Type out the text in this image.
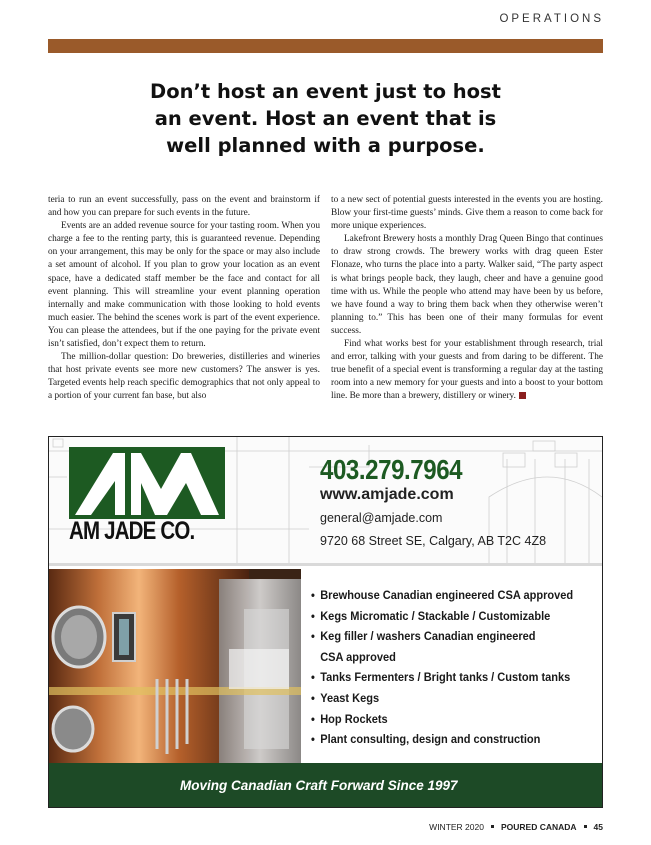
OPERATIONS
Don’t host an event just to host
an event. Host an event that is
well planned with a purpose.

teria to run an event successfully, pass on the event and brainstorm if and how you can prepare for such events in the future.

Events are an added revenue source for your tasting room. When you charge a fee to the renting party, this is guaranteed revenue. Depending on your arrangement, this may be only for the space or may also include a set amount of alcohol. If you plan to grow your location as an event space, have a dedicated staff member be the face and contact for all event planning. This will streamline your event planning operation internally and make communication with those looking to hold events much easier. The behind the scenes work is part of the event experience. You can please the attendees, but if the one paying for the private event isn’t satisfied, don’t expect them to return.

The million-dollar question: Do breweries, distilleries and wineries that host private events see more new customers? The answer is yes. Targeted events help reach specific demographics that not only appeal to a portion of your current fan base, but also

to a new sect of potential guests interested in the events you are hosting. Blow your first-time guests’ minds. Give them a reason to come back for more unique experiences.

Lakefront Brewery hosts a monthly Drag Queen Bingo that continues to draw strong crowds. The brewery works with drag queen Ester Flonaze, who turns the place into a party. Walker said, “The party aspect is what brings people back, they laugh, cheer and have a genuine good time with us. While the people who attend may have been by us before, we have found a way to bring them back when they otherwise weren’t planning to.” This has been one of their many formulas for event success.

Find what works best for your establishment through research, trial and error, talking with your guests and from daring to be different. The true benefit of a special event is transforming a regular day at the tasting room into a new memory for your guests and into a boost to your bottom line. Be more than a brewery, distillery or winery.

AM JADE CO.
403.279.7964
www.amjade.com
general@amjade.com
9720 68 Street SE, Calgary, AB T2C 4Z8
• Brewhouse Canadian engineered CSA approved
• Kegs Micromatic / Stackable / Customizable
• Keg filler / washers Canadian engineered
CSA approved
• Tanks Fermenters / Bright tanks / Custom tanks
• Yeast Kegs
• Hop Rockets
• Plant consulting, design and construction
Moving Canadian Craft Forward Since 1997
WINTER 2020 POURED CANADA 45
